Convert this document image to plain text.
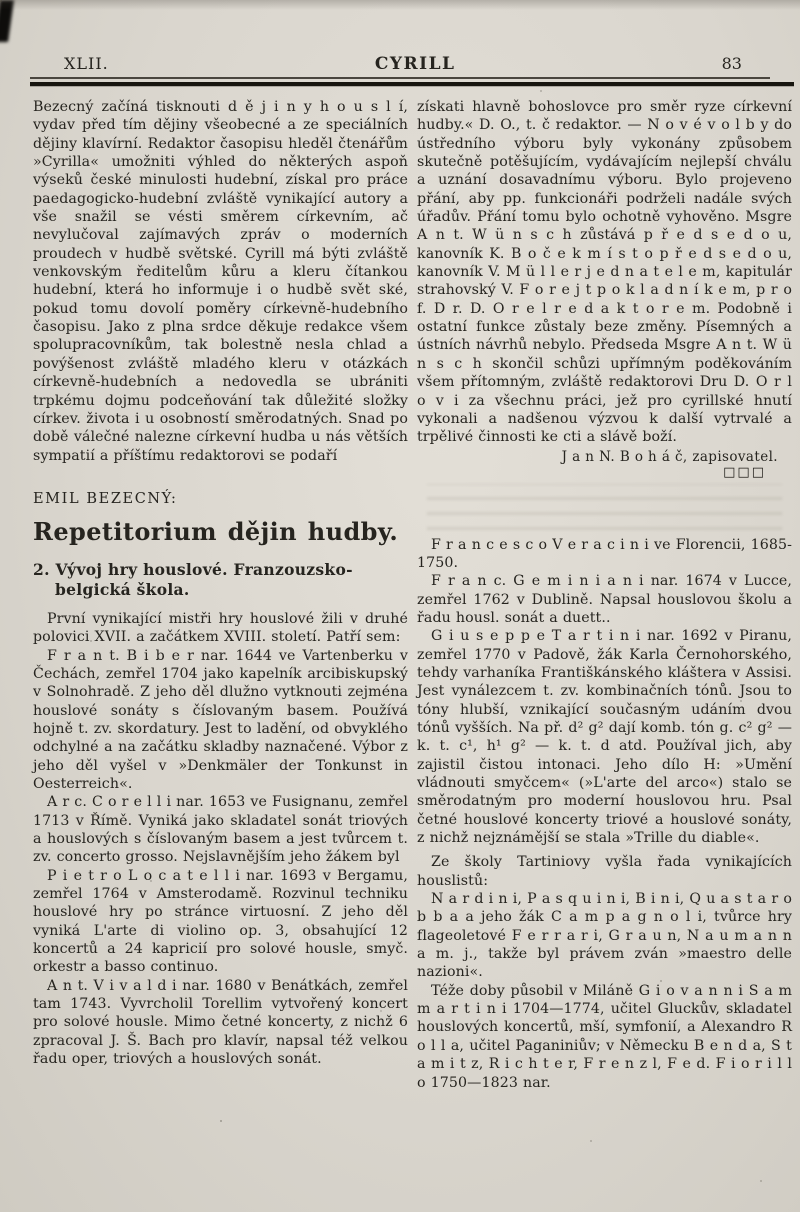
XLII.	CYRILL	83

Bezecný začíná tisknouti d ě j i n y h o u s l í, vydav před tím dějiny všeobecné a ze speciálních dějiny klavírní. Redaktor časopisu hleděl čtenářům »Cyrilla« umožniti výhled do některých aspoň výseků české minulosti hudební, získal pro práce paedagogicko-hudební zvláště vynikající autory a vše snažil se vésti směrem církevním, ač nevylučoval zajímavých zpráv o moderních proudech v hudbě světské. Cyrill má býti zvláště venkovským ředitelům kůru a kleru čítankou hudební, která ho informuje i o hudbě svět ské, pokud tomu dovolí poměry církevně-hudebního časopisu. Jako z plna srdce děkuje redakce všem spolupracovníkům, tak bolestně nesla chlad a povýšenost zvláště mladého kleru v otázkách církevně-hudebních a nedovedla se ubrániti trpkému dojmu podceňování tak důležité složky církev. života i u osobností směrodatných. Snad po době válečné nalezne církevní hudba u nás větších sympatií a příštímu redaktorovi se podaří

EMIL BEZECNÝ:
Repetitorium dějin hudby.
2. Vývoj hry houslové. Franzouzsko-belgická škola.

První vynikající mistři hry houslové žili v druhé polovici XVII. a začátkem XVIII. století. Patří sem:

F r a n t. B i b e r nar. 1644 ve Vartenberku v Čechách, zemřel 1704 jako kapelník arcibiskupský v Solnohradě. Z jeho děl dlužno vytknouti zejména houslové sonáty s číslovaným basem. Používá hojně t. zv. skordatury. Jest to ladění, od obvyklého odchylné a na začátku skladby naznačené. Výbor z jeho děl vyšel v »Denkmäler der Tonkunst in Oesterreich«.

A r c. C o r e l l i nar. 1653 ve Fusignanu, zemřel 1713 v Římě. Vyniká jako skladatel sonát triových a houslových s číslovaným basem a jest tvůrcem t. zv. concerto grosso. Nejslavnějším jeho žákem byl

P i e t r o L o c a t e l l i nar. 1693 v Bergamu, zemřel 1764 v Amsterodamě. Rozvinul techniku houslové hry po stránce virtuosní. Z jeho děl vyniká L'arte di violino op. 3, obsahující 12 koncertů a 24 kapricií pro solové housle, smyč. orkestr a basso continuo.

A n t. V i v a l d i nar. 1680 v Benátkách, zemřel tam 1743. Vyvrcholil Torellim vytvořený koncert pro solové housle. Mimo četné koncerty, z nichž 6 zpracoval J. Š. Bach pro klavír, napsal též velkou řadu oper, triových a houslových sonát.

získati hlavně bohoslovce pro směr ryze církevní hudby.« D. O., t. č redaktor. — N o v é v o l b y do ústředního výboru byly vykonány způsobem skutečně potěšujícím, vydávajícím nejlepší chválu a uznání dosavadnímu výboru. Bylo projeveno přání, aby pp. funkcionáři podrželi nadále svých úřadův. Přání tomu bylo ochotně vyhověno. Msgre A n t. W ü n s c h zůstává p ř e d s e d o u, kanovník K. B o č e k m í s t o p ř e d s e d o u, kanovník V. M ü l l e r j e d n a t e l e m, kapitulár strahovský V. F o r e j t p o k l a d n í k e m, p r o f. D r. D. O r e l r e d a k t o r e m. Podobně i ostatní funkce zůstaly beze změny. Písemných a ústních návrhů nebylo. Předseda Msgre A n t. W ü n s c h skončil schůzi upřímným poděkováním všem přítomným, zvláště redaktorovi Dru D. O r l o v i za všechnu práci, jež pro cyrillské hnutí vykonali a nadšenou výzvou k další vytrvalé a trpělivé činnosti ke cti a slávě boží.

J a n N. B o h á č, zapisovatel.
□□□

F r a n c e s c o V e r a c i n i ve Florencii, 1685-1750.

F r a n c. G e m i n i a n i nar. 1674 v Lucce, zemřel 1762 v Dublině. Napsal houslovou školu a řadu housl. sonát a duett..

G i u s e p p e T a r t i n i nar. 1692 v Piranu, zemřel 1770 v Padově, žák Karla Černohorského, tehdy varhaníka Františkánského kláštera v Assisi. Jest vynálezcem t. zv. kombinačních tónů. Jsou to tóny hlubší, vznikající současným udáním dvou tónů vyšších. Na př. d² g² dají komb. tón g. c² g² — k. t. c¹, h¹ g² — k. t. d atd. Používal jich, aby zajistil čistou intonaci. Jeho dílo H: »Umění vládnouti smyčcem« (»L'arte del arco«) stalo se směrodatným pro moderní houslovou hru. Psal četné houslové koncerty triové a houslové sonáty, z nichž nejznámější se stala »Trille du diable«.

Ze školy Tartiniovy vyšla řada vynikajících houslistů:

N a r d i n i, P a s q u i n i, B i n i, Q u a s t a r o b b a a jeho žák C a m p a g n o l i, tvůrce hry flageoletové F e r r a r i, G r a u n, N a u m a n n a m. j., takže byl právem zván »maestro delle nazioni«.

Téže doby působil v Miláně G i o v a n n i S a m m a r t i n i 1704—1774, učitel Gluckův, skladatel houslových koncertů, mší, symfonií, a Alexandro R o l l a, učitel Paganiniův; v Německu B e n d a, S t a m i t z, R i c h t e r, F r e n z l, F e d. F i o r i l l o 1750—1823 nar.
